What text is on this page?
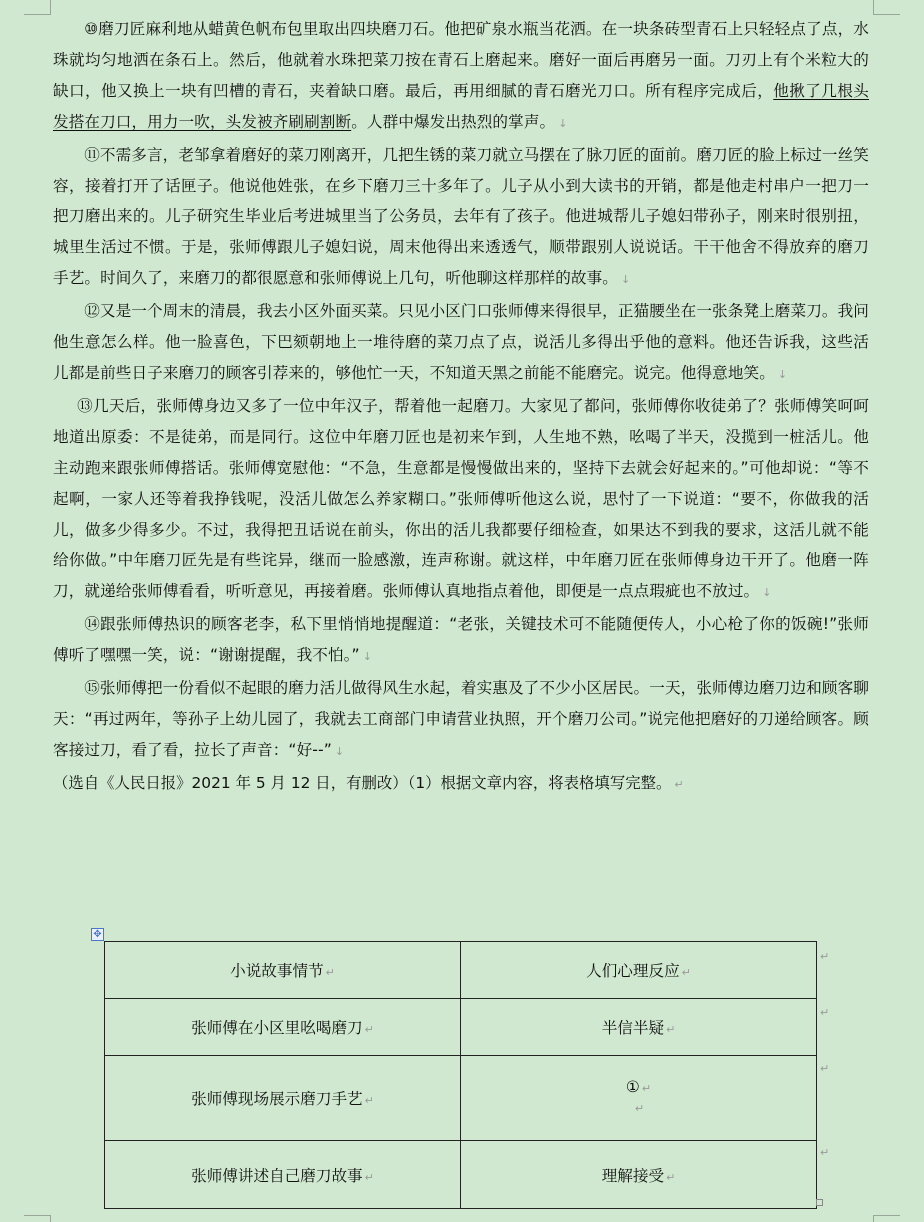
⑩磨刀匠麻利地从蜡黄色帆布包里取出四块磨刀石。他把矿泉水瓶当花洒。在一块条砖型青石上只轻轻点了点，水珠就均匀地洒在条石上。然后，他就着水珠把菜刀按在青石上磨起来。磨好一面后再磨另一面。刀刃上有个米粒大的缺口，他又换上一块有凹槽的青石，夹着缺口磨。最后，再用细腻的青石磨光刀口。所有程序完成后，他揪了几根头发搭在刀口，用力一吹，头发被齐刷刷割断。人群中爆发出热烈的掌声。 ↓

⑪不需多言，老邹拿着磨好的菜刀刚离开，几把生锈的菜刀就立马摆在了脉刀匠的面前。磨刀匠的脸上标过一丝笑容，接着打开了话匣子。他说他姓张，在乡下磨刀三十多年了。儿子从小到大读书的开销，都是他走村串户一把刀一把刀磨出来的。儿子研究生毕业后考进城里当了公务员，去年有了孩子。他进城帮儿子媳妇带孙子，刚来时很别扭，城里生活过不惯。于是，张师傅跟儿子媳妇说，周末他得出来透透气，顺带跟别人说说话。干干他舍不得放弃的磨刀手艺。时间久了，来磨刀的都很愿意和张师傅说上几句，听他聊这样那样的故事。 ↓

⑫又是一个周末的清晨，我去小区外面买菜。只见小区门口张师傅来得很早，正猫腰坐在一张条凳上磨菜刀。我问他生意怎么样。他一脸喜色，下巴颏朝地上一堆待磨的菜刀点了点，说活儿多得出乎他的意料。他还告诉我，这些活儿都是前些日子来磨刀的顾客引荐来的，够他忙一天，不知道天黑之前能不能磨完。说完。他得意地笑。 ↓

⑬几天后，张师傅身边又多了一位中年汉子，帮着他一起磨刀。大家见了都问，张师傅你收徒弟了？张师傅笑呵呵地道出原委：不是徒弟，而是同行。这位中年磨刀匠也是初来乍到，人生地不熟，吆喝了半天，没揽到一桩活儿。他主动跑来跟张师傅搭话。张师傅宽慰他：“不急，生意都是慢慢做出来的，坚持下去就会好起来的。”可他却说：“等不起啊，一家人还等着我挣钱呢，没活儿做怎么养家糊口。”张师傅听他这么说，思忖了一下说道：“要不，你做我的活儿，做多少得多少。不过，我得把丑话说在前头，你出的活儿我都要仔细检查，如果达不到我的要求，这活儿就不能给你做。”中年磨刀匠先是有些诧异，继而一脸感激，连声称谢。就这样，中年磨刀匠在张师傅身边干开了。他磨一阵刀，就递给张师傅看看，听听意见，再接着磨。张师傅认真地指点着他，即便是一点点瑕疵也不放过。 ↓

⑭跟张师傅热识的顾客老李，私下里悄悄地提醒道：“老张，关键技术可不能随便传人，小心枪了你的饭碗!”张师傅听了嘿嘿一笑，说：“谢谢提醒，我不怕。” ↓

⑮张师傅把一份看似不起眼的磨力活儿做得风生水起，着实惠及了不少小区居民。一天，张师傅边磨刀边和顾客聊天：“再过两年，等孙子上幼儿园了，我就去工商部门申请营业执照，开个磨刀公司。”说完他把磨好的刀递给顾客。顾客接过刀，看了看，拉长了声音：“好--” ↓

（选自《人民日报》2021 年 5 月 12 日，有删改）（1）根据文章内容，将表格填写完整。 ↵

✥
小说故事情节 ↵	人们心理反应 ↵
张师傅在小区里吆喝磨刀 ↵	半信半疑 ↵
张师傅现场展示磨刀手艺 ↵	① ↵
↵

张师傅讲述自己磨刀故事 ↵	理解接受 ↵
↵
↵
↵
↵
